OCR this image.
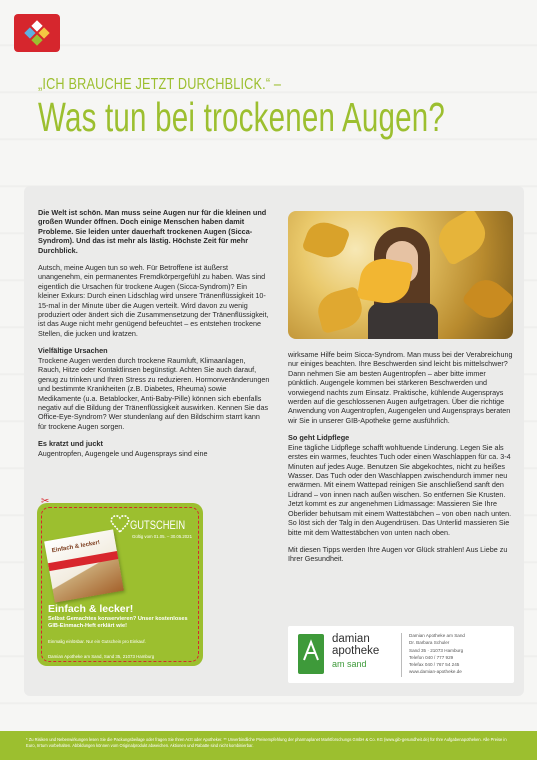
„ICH BRAUCHE JETZT DURCHBLICK.“ –
Was tun bei trockenen Augen?

Die Welt ist schön. Man muss seine Augen nur für die kleinen und großen Wunder öffnen. Doch einige Menschen haben damit Probleme. Sie leiden unter dauerhaft trockenen Augen (Sicca-Syndrom). Und das ist mehr als lästig. Höchste Zeit für mehr Durchblick.

Autsch, meine Augen tun so weh. Für Betroffene ist äußerst unangenehm, ein permanentes Fremdkörpergefühl zu haben. Was sind eigentlich die Ursachen für trockene Augen (Sicca-Syndrom)? Ein kleiner Exkurs: Durch einen Lidschlag wird unsere Tränenflüssigkeit 10-15-mal in der Minute über die Augen verteilt. Wird davon zu wenig produziert oder ändert sich die Zusammensetzung der Tränenflüssigkeit, ist das Auge nicht mehr genügend befeuchtet – es entstehen trockene Stellen, die jucken und kratzen.

Vielfältige Ursachen

Trockene Augen werden durch trockene Raumluft, Klimaanlagen, Rauch, Hitze oder Kontaktlinsen begünstigt. Achten Sie auch darauf, genug zu trinken und Ihren Stress zu reduzieren. Hormonveränderungen und bestimmte Krankheiten (z.B. Diabetes, Rheuma) sowie Medikamente (u.a. Betablocker, Anti-Baby-Pille) können sich ebenfalls negativ auf die Bildung der Tränenflüssigkeit auswirken. Kennen Sie das Office-Eye-Syndrom? Wer stundenlang auf den Bildschirm starrt kann für trockene Augen sorgen.

Es kratzt und juckt

Augentropfen, Augengele und Augensprays sind eine

wirksame Hilfe beim Sicca-Syndrom. Man muss bei der Verabreichung nur einiges beachten. Ihre Beschwerden sind leicht bis mittelschwer? Dann nehmen Sie am besten Augentropfen – aber bitte immer pünktlich. Augengele kommen bei stärkeren Beschwerden und vorwiegend nachts zum Einsatz. Praktische, kühlende Augensprays werden auf die geschlossenen Augen aufgetragen. Über die richtige Anwendung von Augentropfen, Augengelen und Augensprays beraten wir Sie in unserer GIB-Apotheke gerne ausführlich.

So geht Lidpflege

Eine tägliche Lidpflege schafft wohltuende Linderung. Legen Sie als erstes ein warmes, feuchtes Tuch oder einen Waschlappen für ca. 3-4 Minuten auf jedes Auge. Benutzen Sie abgekochtes, nicht zu heißes Wasser. Das Tuch oder den Waschlappen zwischendurch immer neu erwärmen. Mit einem Wattepad reinigen Sie anschließend sanft den Lidrand – von innen nach außen wischen. So entfernen Sie Krusten. Jetzt kommt es zur angenehmen Lidmassage: Massieren Sie Ihre Oberlider behutsam mit einem Wattestäbchen – von oben nach unten. So löst sich der Talg in den Augendrüsen. Das Unterlid massieren Sie bitte mit dem Wattestäbchen von unten nach oben.

Mit diesen Tipps werden Ihre Augen vor Glück strahlen! Aus Liebe zu Ihrer Gesundheit.

✂
GUTSCHEIN
Gültig vom 01.05. – 30.05.2021
Einfach & lecker!
Einfach & lecker!
Selbst Gemachtes konservieren? Unser kostenloses GIB-Einmach-Heft erklärt wie!
Einmalig einlösbar. Nur ein Gutschein pro Einkauf.
Damian Apotheke am Sand, Sand 35, 21073 Hamburg
damian
apotheke
am sand
Damian Apotheke am Sand
Dr. Barbara Schuler
Sand 35 · 21073 Hamburg
Telefon 040 / 777 929
Telefax 040 / 767 54 245
www.damian-apotheke.de
* Zu Risiken und Nebenwirkungen lesen Sie die Packungsbeilage oder fragen Sie Ihren Arzt oder Apotheker. ** Unverbindliche Preisempfehlung der pharmaplanet Marktforschungs GmbH & Co. KG (www.gib-gesundheit.de) für Ihre Aufgabenapotheken. Alle Preise in Euro, Irrtum vorbehalten. Abbildungen können vom Originalprodukt abweichen. Aktionen und Rabatte sind nicht kombinierbar.
